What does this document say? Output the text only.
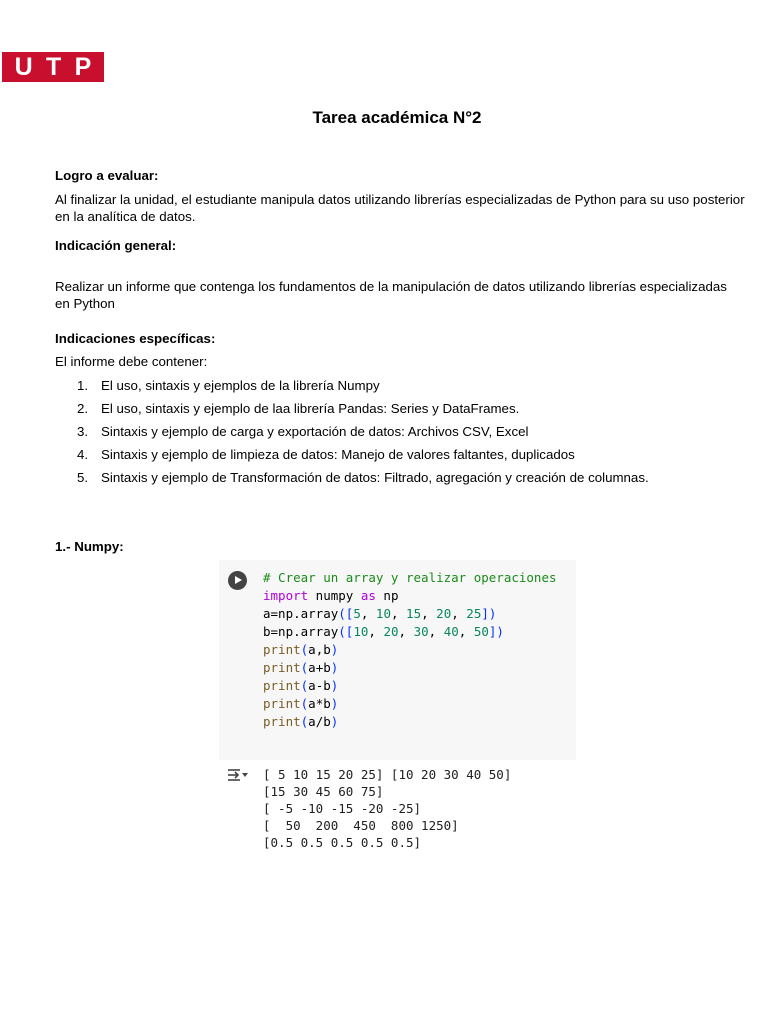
U T P
Tarea académica N°2

Logro a evaluar:

Al finalizar la unidad, el estudiante manipula datos utilizando librerías especializadas de Python para su uso posterior en la analítica de datos.

Indicación general:

Realizar un informe que contenga los fundamentos de la manipulación de datos utilizando librerías especializadas en Python

Indicaciones específicas:

El informe debe contener:

1. El uso, sintaxis y ejemplos de la librería Numpy
2. El uso, sintaxis y ejemplo de laa librería Pandas: Series y DataFrames.
3. Sintaxis y ejemplo de carga y exportación de datos: Archivos CSV, Excel
4. Sintaxis y ejemplo de limpieza de datos: Manejo de valores faltantes, duplicados
5. Sintaxis y ejemplo de Transformación de datos: Filtrado, agregación y creación de columnas.
1.- Numpy:
# Crear un array y realizar operaciones
import numpy as np
a=np.array([5, 10, 15, 20, 25])
b=np.array([10, 20, 30, 40, 50])
print(a,b)
print(a+b)
print(a-b)
print(a*b)
print(a/b)
[ 5 10 15 20 25] [10 20 30 40 50]
[15 30 45 60 75]
[ -5 -10 -15 -20 -25]
[  50  200  450  800 1250]
[0.5 0.5 0.5 0.5 0.5]
